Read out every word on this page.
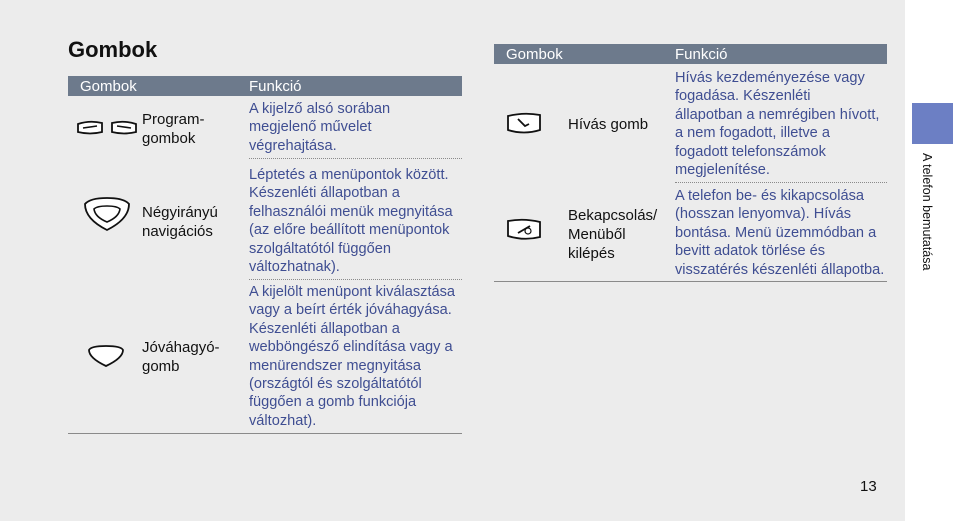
Gombok
Gombok	Funkció
Program-
gombok
A kijelző alsó sorában
megjelenő művelet
végrehajtása.
Négyirányú
navigációs
Léptetés a menüpontok között.
Készenléti állapotban a
felhasználói menük megnyitása
(az előre beállított menüpontok
szolgáltatótól függően
változhatnak).
Jóváhagyó-
gomb
A kijelölt menüpont kiválasztása
vagy a beírt érték jóváhagyása.
Készenléti állapotban a
webböngésző elindítása vagy a
menürendszer megnyitása
(országtól és szolgáltatótól
függően a gomb funkciója
változhat).
Gombok	Funkció
Hívás gomb
Hívás kezdeményezése vagy
fogadása. Készenléti
állapotban a nemrégiben hívott,
a nem fogadott, illetve a
fogadott telefonszámok
megjelenítése.
Bekapcsolás/
Menüből
kilépés
A telefon be- és kikapcsolása
(hosszan lenyomva). Hívás
bontása. Menü üzemmódban a
bevitt adatok törlése és
visszatérés készenléti állapotba.
13
A telefon bemutatása
